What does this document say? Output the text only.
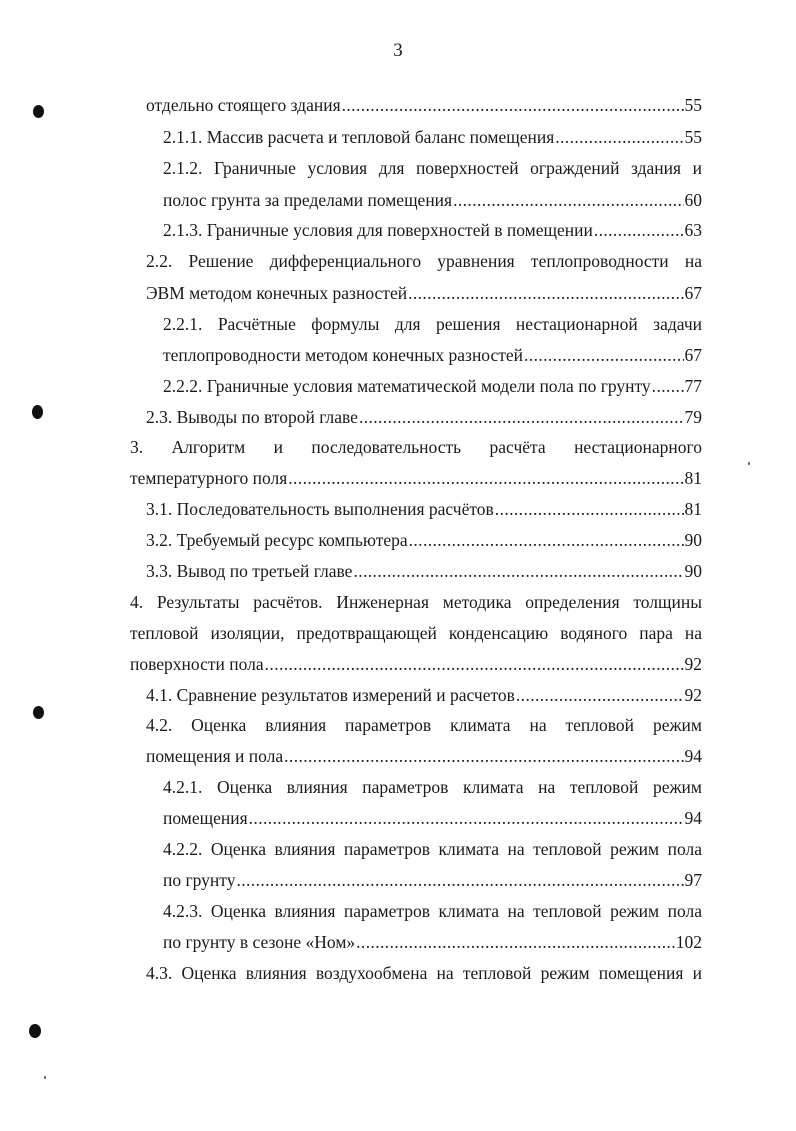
3
отдельно стоящего здания .....	55
2.1.1. Массив расчета и тепловой баланс помещения .....	55
2.1.2. Граничные условия для поверхностей ограждений здания и
полос грунта за пределами помещения .....	60
2.1.3. Граничные условия для поверхностей в помещении .....	63
2.2. Решение дифференциального уравнения теплопроводности на
ЭВМ методом конечных разностей .....	67
2.2.1. Расчётные формулы для решения нестационарной задачи
теплопроводности методом конечных разностей .....	67
2.2.2. Граничные условия математической модели пола по грунту ..... 77
2.3. Выводы по второй главе .....	79
3. Алгоритм и последовательность расчёта нестационарного
температурного поля .....	81
3.1. Последовательность выполнения расчётов .....	81
3.2. Требуемый ресурс компьютера .....	90
3.3. Вывод по третьей главе .....	90
4. Результаты расчётов. Инженерная методика определения толщины
тепловой изоляции, предотвращающей конденсацию водяного пара на
поверхности пола .....	92
4.1. Сравнение результатов измерений и расчетов .....	92
4.2. Оценка влияния параметров климата на тепловой режим
помещения и пола .....	94
4.2.1. Оценка влияния параметров климата на тепловой режим
помещения .....	94
4.2.2. Оценка влияния параметров климата на тепловой режим пола
по грунту .....	97
4.2.3. Оценка влияния параметров климата на тепловой режим пола
по грунту в сезоне «Ном» .....	102
4.3. Оценка влияния воздухообмена на тепловой режим помещения и
